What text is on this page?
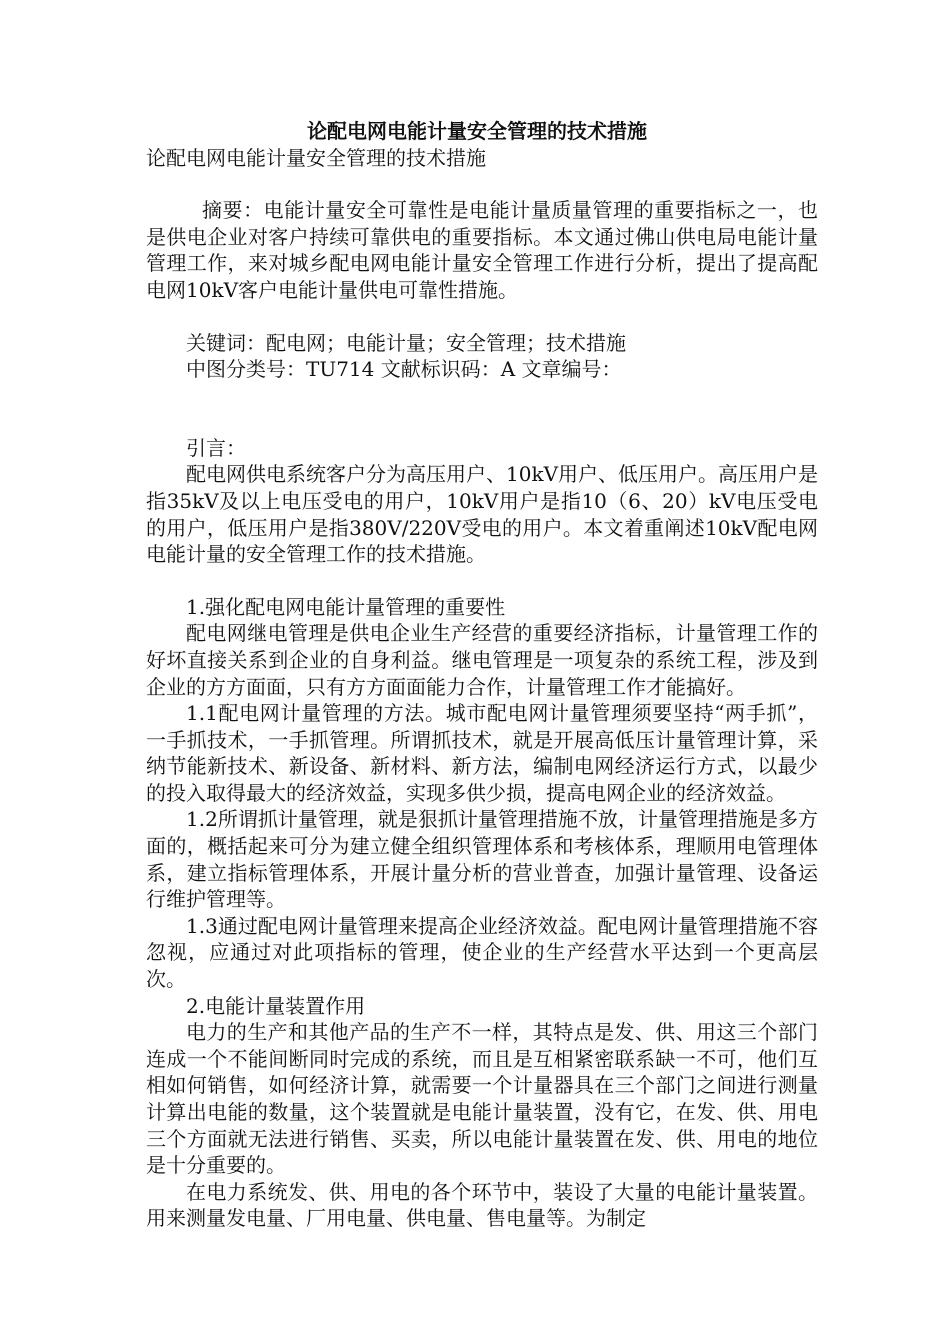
论配电网电能计量安全管理的技术措施

论配电网电能计量安全管理的技术措施

摘要：电能计量安全可靠性是电能计量质量管理的重要指标之一，也是供电企业对客户持续可靠供电的重要指标。本文通过佛山供电局电能计量管理工作，来对城乡配电网电能计量安全管理工作进行分析，提出了提高配电网10kV客户电能计量供电可靠性措施。

关键词：配电网；电能计量；安全管理；技术措施

中图分类号：TU714 文献标识码：A 文章编号：

引言：

配电网供电系统客户分为高压用户、10kV用户、低压用户。高压用户是指35kV及以上电压受电的用户，10kV用户是指10（6、20）kV电压受电的用户，低压用户是指380V/220V受电的用户。本文着重阐述10kV配电网电能计量的安全管理工作的技术措施。

1.强化配电网电能计量管理的重要性

配电网继电管理是供电企业生产经营的重要经济指标，计量管理工作的好坏直接关系到企业的自身利益。继电管理是一项复杂的系统工程，涉及到企业的方方面面，只有方方面面能力合作，计量管理工作才能搞好。

1.1配电网计量管理的方法。城市配电网计量管理须要坚持“两手抓”，一手抓技术，一手抓管理。所谓抓技术，就是开展高低压计量管理计算，采纳节能新技术、新设备、新材料、新方法，编制电网经济运行方式，以最少的投入取得最大的经济效益，实现多供少损，提高电网企业的经济效益。

1.2所谓抓计量管理，就是狠抓计量管理措施不放，计量管理措施是多方面的，概括起来可分为建立健全组织管理体系和考核体系，理顺用电管理体系，建立指标管理体系，开展计量分析的营业普查，加强计量管理、设备运行维护管理等。

1.3通过配电网计量管理来提高企业经济效益。配电网计量管理措施不容忽视，应通过对此项指标的管理，使企业的生产经营水平达到一个更高层次。

2.电能计量装置作用

电力的生产和其他产品的生产不一样，其特点是发、供、用这三个部门连成一个不能间断同时完成的系统，而且是互相紧密联系缺一不可，他们互相如何销售，如何经济计算，就需要一个计量器具在三个部门之间进行测量计算出电能的数量，这个装置就是电能计量装置，没有它，在发、供、用电三个方面就无法进行销售、买卖，所以电能计量装置在发、供、用电的地位是十分重要的。

在电力系统发、供、用电的各个环节中，装设了大量的电能计量装置。用来测量发电量、厂用电量、供电量、售电量等。为制定
